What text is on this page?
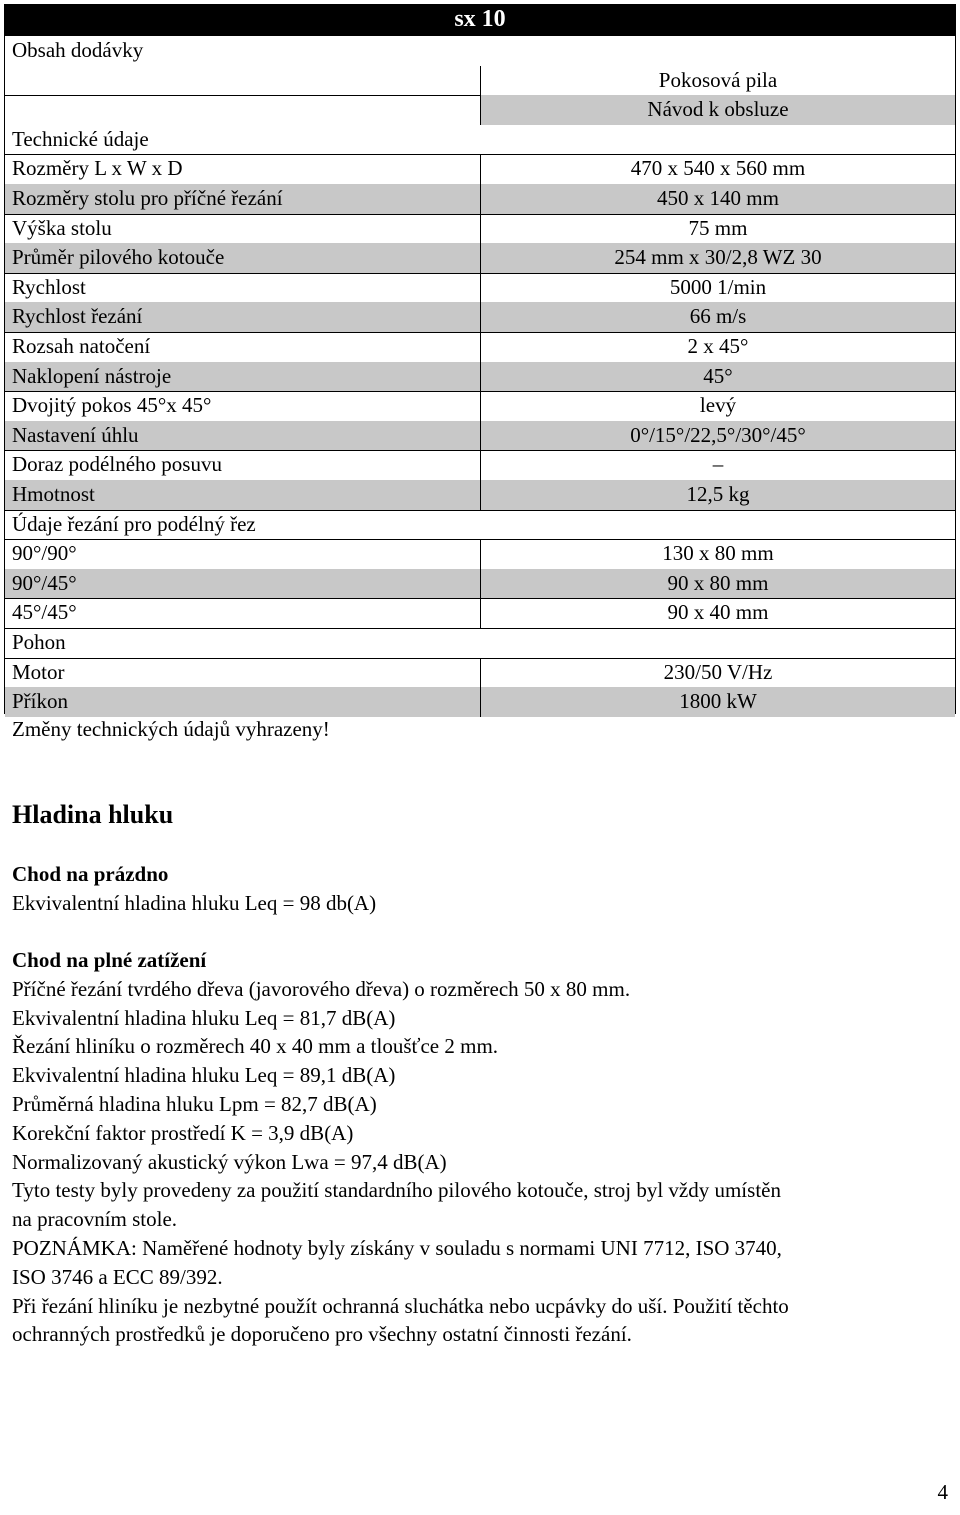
sx 10
Obsah dodávky
Pokosová pila
Návod k obsluze
Technické údaje
Rozměry L x W x D	470 x 540 x 560 mm
Rozměry stolu pro příčné řezání	450 x 140 mm
Výška stolu	75 mm
Průměr pilového kotouče	254 mm x 30/2,8 WZ 30
Rychlost	5000 1/min
Rychlost řezání	66 m/s
Rozsah natočení	2 x 45°
Naklopení nástroje	45°
Dvojitý pokos 45°x 45°	levý
Nastavení úhlu	0°/15°/22,5°/30°/45°
Doraz podélného posuvu	–
Hmotnost	12,5 kg
Údaje řezání pro podélný řez
90°/90°	130 x 80 mm
90°/45°	90 x 80 mm
45°/45°	90 x 40 mm
Pohon
Motor	230/50 V/Hz
Příkon	1800 kW
Změny technických údajů vyhrazeny!
Hladina hluku

Chod na prázdno

Ekvivalentní hladina hluku Leq = 98 db(A)

Chod na plné zatížení

Příčné řezání tvrdého dřeva (javorového dřeva) o rozměrech 50 x 80 mm.

Ekvivalentní hladina hluku Leq = 81,7 dB(A)

Řezání hliníku o rozměrech 40 x 40 mm a tloušťce 2 mm.

Ekvivalentní hladina hluku Leq = 89,1 dB(A)

Průměrná hladina hluku Lpm = 82,7 dB(A)

Korekční faktor prostředí K = 3,9 dB(A)

Normalizovaný akustický výkon Lwa = 97,4 dB(A)

Tyto testy byly provedeny za použití standardního pilového kotouče, stroj byl vždy umístěn

na pracovním stole.

POZNÁMKA: Naměřené hodnoty byly získány v souladu s normami UNI 7712, ISO 3740,

ISO 3746 a ECC 89/392.

Při řezání hliníku je nezbytné použít ochranná sluchátka nebo ucpávky do uší. Použití těchto

ochranných prostředků je doporučeno pro všechny ostatní činnosti řezání.

4
